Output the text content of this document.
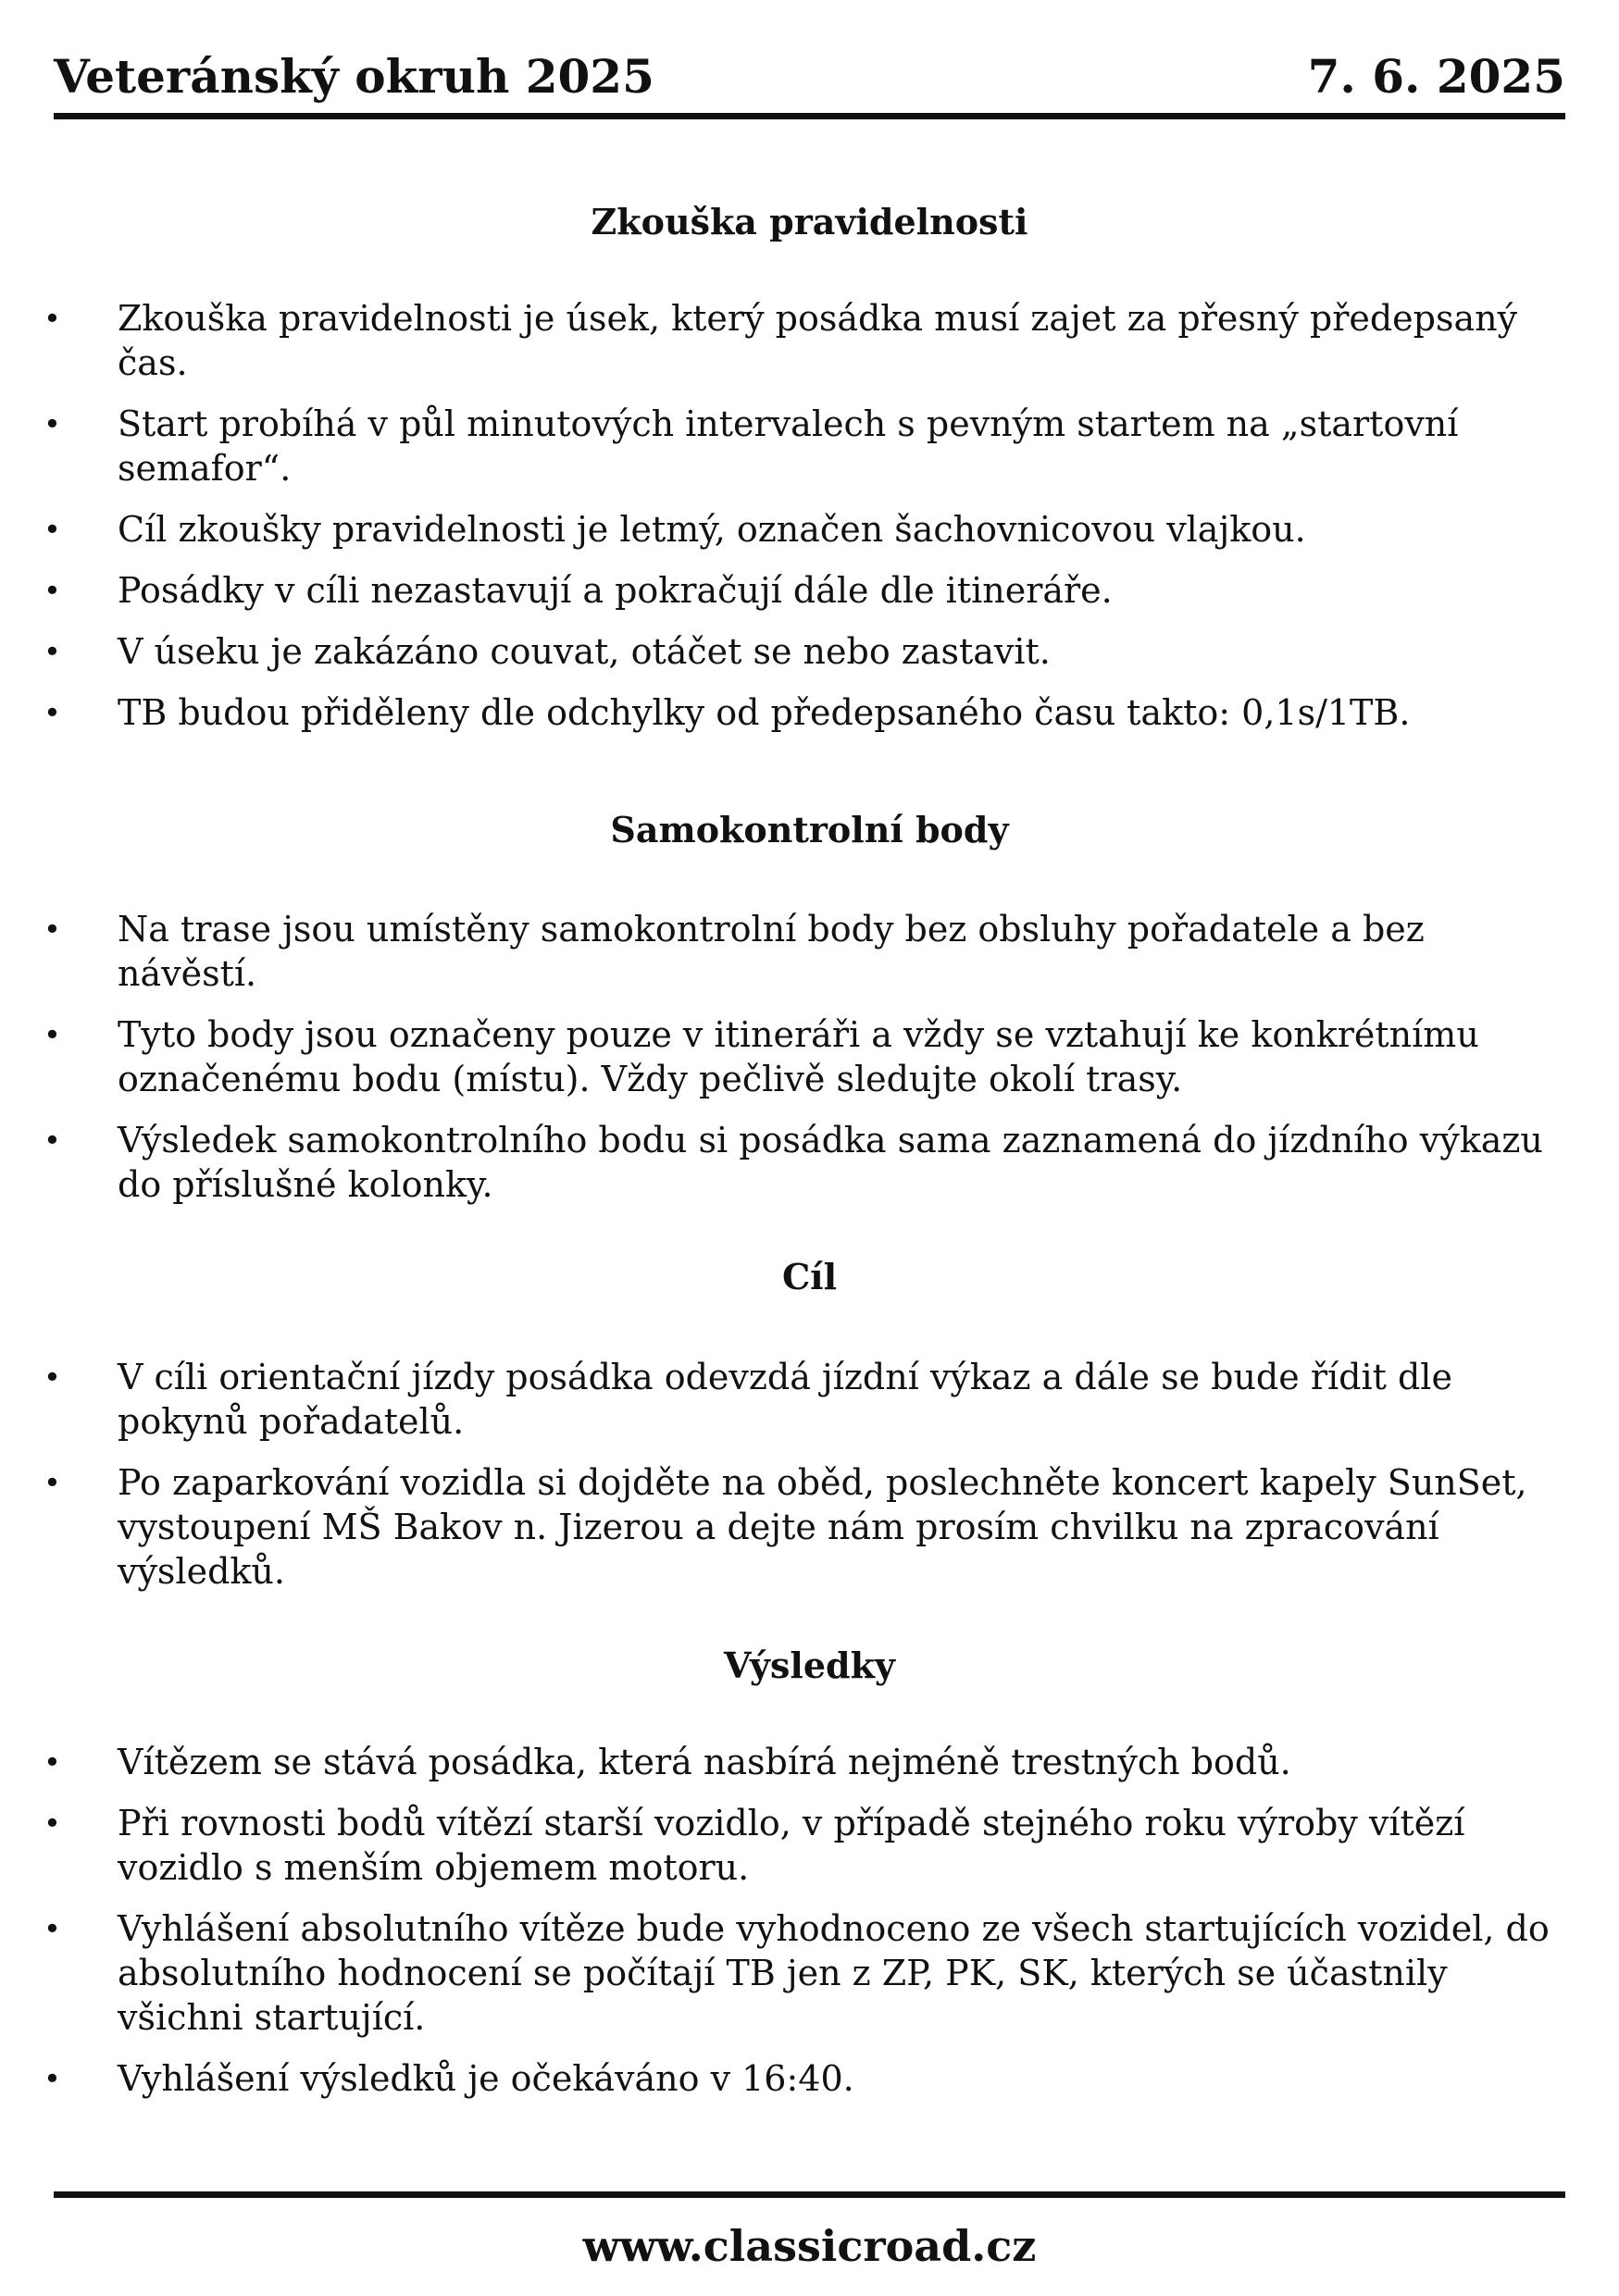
Veteránský okruh 2025	7. 6. 2025
Zkouška pravidelnosti
• Zkouška pravidelnosti je úsek, který posádka musí zajet za přesný předepsaný čas.
• Start probíhá v půl minutových intervalech s pevným startem na „startovní semafor“.
• Cíl zkoušky pravidelnosti je letmý, označen šachovnicovou vlajkou.
• Posádky v cíli nezastavují a pokračují dále dle itineráře.
• V úseku je zakázáno couvat, otáčet se nebo zastavit.
• TB budou přiděleny dle odchylky od předepsaného času takto: 0,1s/1TB.
Samokontrolní body
• Na trase jsou umístěny samokontrolní body bez obsluhy pořadatele a bez návěstí.
• Tyto body jsou označeny pouze v itineráři a vždy se vztahují ke konkrétnímu označenému bodu (místu). Vždy pečlivě sledujte okolí trasy.
• Výsledek samokontrolního bodu si posádka sama zaznamená do jízdního výkazu do příslušné kolonky.
Cíl
• V cíli orientační jízdy posádka odevzdá jízdní výkaz a dále se bude řídit dle pokynů pořadatelů.
• Po zaparkování vozidla si dojděte na oběd, poslechněte koncert kapely SunSet, vystoupení MŠ Bakov n. Jizerou a dejte nám prosím chvilku na zpracování výsledků.
Výsledky
• Vítězem se stává posádka, která nasbírá nejméně trestných bodů.
• Při rovnosti bodů vítězí starší vozidlo, v případě stejného roku výroby vítězí vozidlo s menším objemem motoru.
• Vyhlášení absolutního vítěze bude vyhodnoceno ze všech startujících vozidel, do absolutního hodnocení se počítají TB jen z ZP, PK, SK, kterých se účastnily všichni startující.
• Vyhlášení výsledků je očekáváno v 16:40.
www.classicroad.cz
